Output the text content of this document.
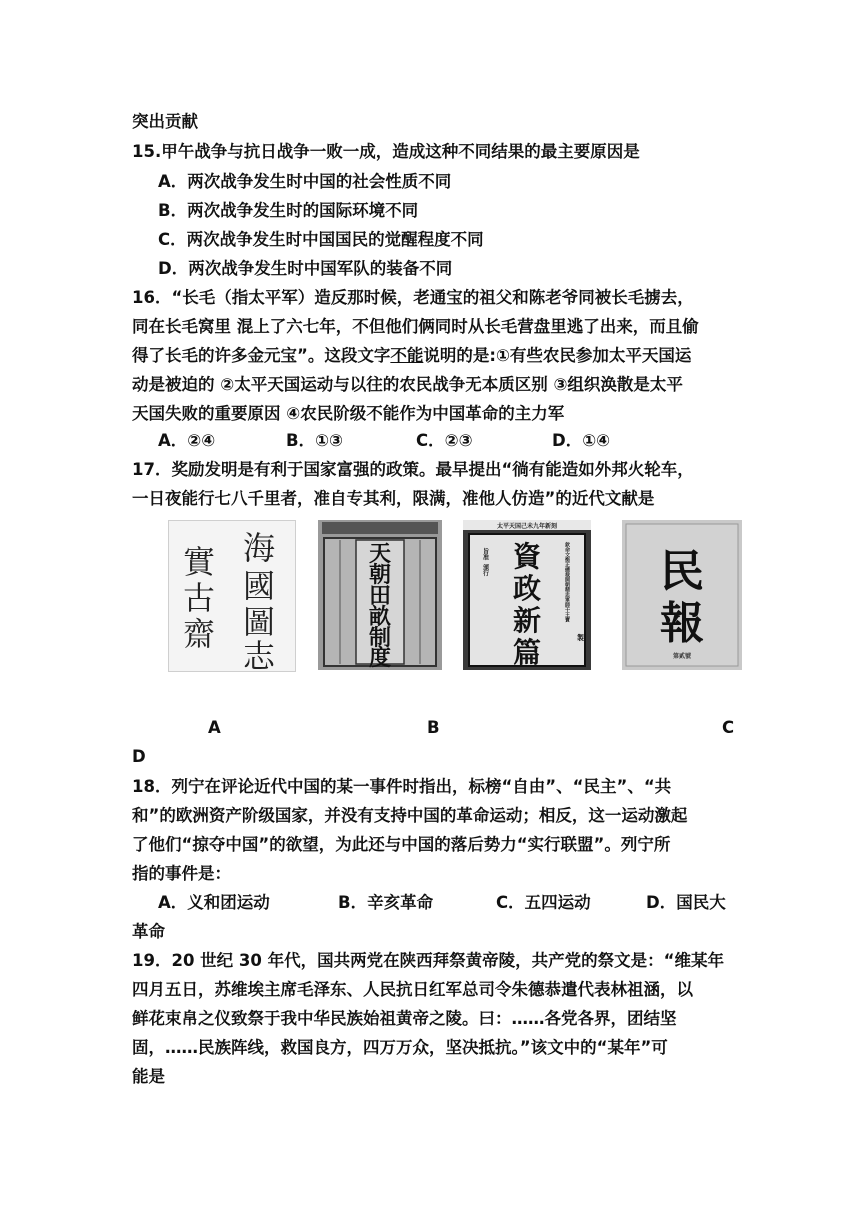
突出贡献
15.甲午战争与抗日战争一败一成，造成这种不同结果的最主要原因是
A．两次战争发生时中国的社会性质不同
B．两次战争发生时的国际环境不同
C．两次战争发生时中国国民的觉醒程度不同
D．两次战争发生时中国军队的装备不同
16．“长毛（指太平军）造反那时候，老通宝的祖父和陈老爷同被长毛掳去，
同在长毛窝里 混上了六七年，不但他们俩同时从长毛营盘里逃了出来，而且偷
得了长毛的许多金元宝”。这段文字不能说明的是:①有些农民参加太平天国运
动是被迫的 ②太平天国运动与以往的农民战争无本质区别 ③组织涣散是太平
天国失败的重要原因 ④农民阶级不能作为中国革命的主力军
A．②④	B．①③	C．②③	D．①④
17．奖励发明是有利于国家富强的政策。最早提出“徜有能造如外邦火轮车，
一日夜能行七八千里者，准自专其利，限满，准他人仿造”的近代文献是
海
國
圖
志
實
古
齋
天
朝
田
畝
制
度
太平天国己未九年新刻
資
政
新
篇
旨准
頒行	欽命文衡正總裁開朝精忠軍師干王寶
製
民
報
第貳號
A	B	C
D
18．列宁在评论近代中国的某一事件时指出，标榜“自由”、“民主”、“共
和”的欧洲资产阶级国家，并没有支持中国的革命运动；相反，这一运动激起
了他们“掠夺中国”的欲望，为此还与中国的落后势力“实行联盟”。列宁所
指的事件是：
A．义和团运动	B．辛亥革命	C．五四运动	D．国民大
革命
19．20 世纪 30 年代，国共两党在陕西拜祭黄帝陵，共产党的祭文是：“维某年
四月五日，苏维埃主席毛泽东、人民抗日红军总司令朱德恭遣代表林祖涵，以
鲜花束帛之仪致祭于我中华民族始祖黄帝之陵。曰：……各党各界，团结坚
固，……民族阵线，救国良方，四万万众，坚决抵抗。”该文中的“某年”可
能是
